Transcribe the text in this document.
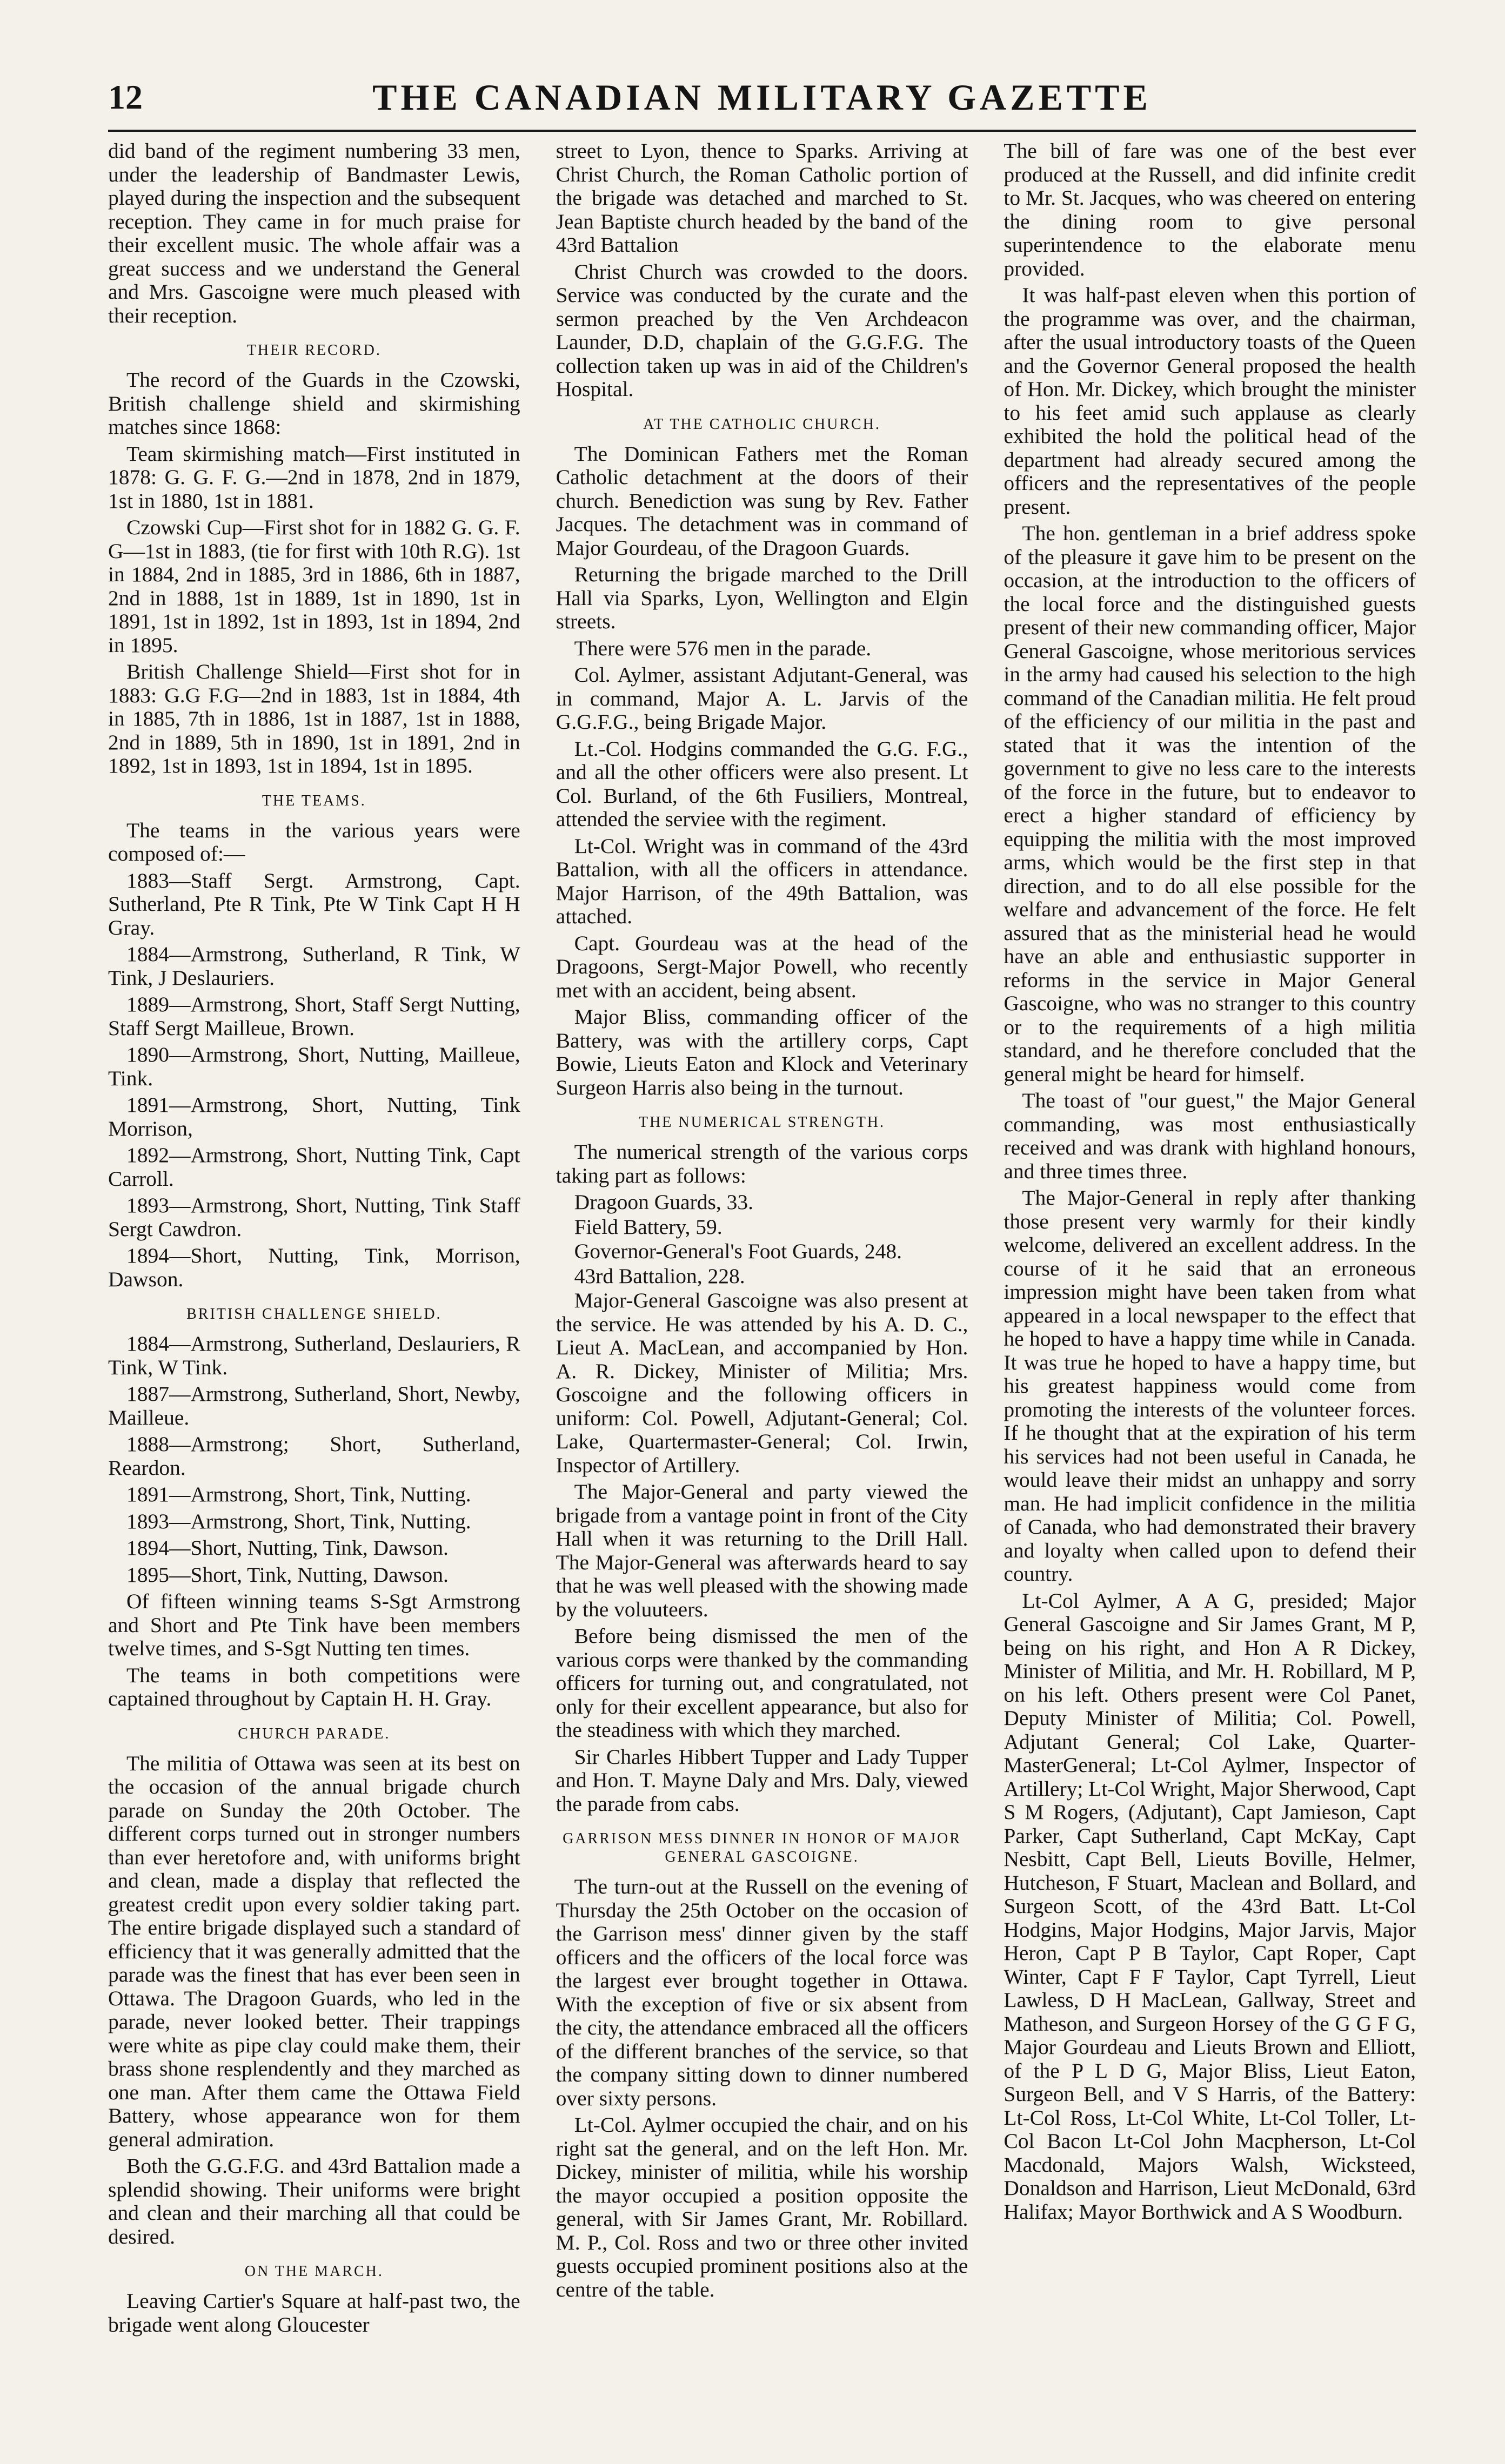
12	THE CANADIAN MILITARY GAZETTE

did band of the regiment numbering 33 men, under the leadership of Bandmaster Lewis, played during the inspection and the subsequent reception. They came in for much praise for their excellent music. The whole affair was a great success and we understand the General and Mrs. Gascoigne were much pleased with their reception.

THEIR RECORD.

The record of the Guards in the Czowski, British challenge shield and skirmishing matches since 1868:

Team skirmishing match—First instituted in 1878: G. G. F. G.—2nd in 1878, 2nd in 1879, 1st in 1880, 1st in 1881.

Czowski Cup—First shot for in 1882 G. G. F. G—1st in 1883, (tie for first with 10th R.G). 1st in 1884, 2nd in 1885, 3rd in 1886, 6th in 1887, 2nd in 1888, 1st in 1889, 1st in 1890, 1st in 1891, 1st in 1892, 1st in 1893, 1st in 1894, 2nd in 1895.

British Challenge Shield—First shot for in 1883: G.G F.G—2nd in 1883, 1st in 1884, 4th in 1885, 7th in 1886, 1st in 1887, 1st in 1888, 2nd in 1889, 5th in 1890, 1st in 1891, 2nd in 1892, 1st in 1893, 1st in 1894, 1st in 1895.

THE TEAMS.

The teams in the various years were composed of:—

1883—Staff Sergt. Armstrong, Capt. Sutherland, Pte R Tink, Pte W Tink Capt H H Gray.

1884—Armstrong, Sutherland, R Tink, W Tink, J Deslauriers.

1889—Armstrong, Short, Staff Sergt Nutting, Staff Sergt Mailleue, Brown.

1890—Armstrong, Short, Nutting, Mailleue, Tink.

1891—Armstrong, Short, Nutting, Tink Morrison,

1892—Armstrong, Short, Nutting Tink, Capt Carroll.

1893—Armstrong, Short, Nutting, Tink Staff Sergt Cawdron.

1894—Short, Nutting, Tink, Morrison, Dawson.

BRITISH CHALLENGE SHIELD.

1884—Armstrong, Sutherland, Deslauriers, R Tink, W Tink.

1887—Armstrong, Sutherland, Short, Newby, Mailleue.

1888—Armstrong; Short, Sutherland, Reardon.

1891—Armstrong, Short, Tink, Nutting.

1893—Armstrong, Short, Tink, Nutting.

1894—Short, Nutting, Tink, Dawson.

1895—Short, Tink, Nutting, Dawson.

Of fifteen winning teams S-Sgt Armstrong and Short and Pte Tink have been members twelve times, and S-Sgt Nutting ten times.

The teams in both competitions were captained throughout by Captain H. H. Gray.

CHURCH PARADE.

The militia of Ottawa was seen at its best on the occasion of the annual brigade church parade on Sunday the 20th October. The different corps turned out in stronger numbers than ever heretofore and, with uniforms bright and clean, made a display that reflected the greatest credit upon every soldier taking part. The entire brigade displayed such a standard of efficiency that it was generally admitted that the parade was the finest that has ever been seen in Ottawa. The Dragoon Guards, who led in the parade, never looked better. Their trappings were white as pipe clay could make them, their brass shone resplendently and they marched as one man. After them came the Ottawa Field Battery, whose appearance won for them general admiration.

Both the G.G.F.G. and 43rd Battalion made a splendid showing. Their uniforms were bright and clean and their marching all that could be desired.

ON THE MARCH.

Leaving Cartier's Square at half-past two, the brigade went along Gloucester

street to Lyon, thence to Sparks. Arriving at Christ Church, the Roman Catholic portion of the brigade was detached and marched to St. Jean Baptiste church headed by the band of the 43rd Battalion

Christ Church was crowded to the doors. Service was conducted by the curate and the sermon preached by the Ven Archdeacon Launder, D.D, chaplain of the G.G.F.G. The collection taken up was in aid of the Children's Hospital.

AT THE CATHOLIC CHURCH.

The Dominican Fathers met the Roman Catholic detachment at the doors of their church. Benediction was sung by Rev. Father Jacques. The detachment was in command of Major Gourdeau, of the Dragoon Guards.

Returning the brigade marched to the Drill Hall via Sparks, Lyon, Wellington and Elgin streets.

There were 576 men in the parade.

Col. Aylmer, assistant Adjutant-General, was in command, Major A. L. Jarvis of the G.G.F.G., being Brigade Major.

Lt.-Col. Hodgins commanded the G.G. F.G., and all the other officers were also present. Lt Col. Burland, of the 6th Fusiliers, Montreal, attended the serviee with the regiment.

Lt-Col. Wright was in command of the 43rd Battalion, with all the officers in attendance. Major Harrison, of the 49th Battalion, was attached.

Capt. Gourdeau was at the head of the Dragoons, Sergt-Major Powell, who recently met with an accident, being absent.

Major Bliss, commanding officer of the Battery, was with the artillery corps, Capt Bowie, Lieuts Eaton and Klock and Veterinary Surgeon Harris also being in the turnout.

THE NUMERICAL STRENGTH.

The numerical strength of the various corps taking part as follows:

Dragoon Guards, 33.

Field Battery, 59.

Governor-General's Foot Guards, 248.

43rd Battalion, 228.

Major-General Gascoigne was also present at the service. He was attended by his A. D. C., Lieut A. MacLean, and accompanied by Hon. A. R. Dickey, Minister of Militia; Mrs. Goscoigne and the following officers in uniform: Col. Powell, Adjutant-General; Col. Lake, Quartermaster-General; Col. Irwin, Inspector of Artillery.

The Major-General and party viewed the brigade from a vantage point in front of the City Hall when it was returning to the Drill Hall. The Major-General was afterwards heard to say that he was well pleased with the showing made by the voluuteers.

Before being dismissed the men of the various corps were thanked by the commanding officers for turning out, and congratulated, not only for their excellent appearance, but also for the steadiness with which they marched.

Sir Charles Hibbert Tupper and Lady Tupper and Hon. T. Mayne Daly and Mrs. Daly, viewed the parade from cabs.

GARRISON MESS DINNER IN HONOR OF MAJOR GENERAL GASCOIGNE.

The turn-out at the Russell on the evening of Thursday the 25th October on the occasion of the Garrison mess' dinner given by the staff officers and the officers of the local force was the largest ever brought together in Ottawa. With the exception of five or six absent from the city, the attendance embraced all the officers of the different branches of the service, so that the company sitting down to dinner numbered over sixty persons.

Lt-Col. Aylmer occupied the chair, and on his right sat the general, and on the left Hon. Mr. Dickey, minister of militia, while his worship the mayor occupied a position opposite the general, with Sir James Grant, Mr. Robillard. M. P., Col. Ross and two or three other invited guests occupied prominent positions also at the centre of the table.

The bill of fare was one of the best ever produced at the Russell, and did infinite credit to Mr. St. Jacques, who was cheered on entering the dining room to give personal superintendence to the elaborate menu provided.

It was half-past eleven when this portion of the programme was over, and the chairman, after the usual introductory toasts of the Queen and the Governor General proposed the health of Hon. Mr. Dickey, which brought the minister to his feet amid such applause as clearly exhibited the hold the political head of the department had already secured among the officers and the representatives of the people present.

The hon. gentleman in a brief address spoke of the pleasure it gave him to be present on the occasion, at the introduction to the officers of the local force and the distinguished guests present of their new commanding officer, Major General Gascoigne, whose meritorious services in the army had caused his selection to the high command of the Canadian militia. He felt proud of the efficiency of our militia in the past and stated that it was the intention of the government to give no less care to the interests of the force in the future, but to endeavor to erect a higher standard of efficiency by equipping the militia with the most improved arms, which would be the first step in that direction, and to do all else possible for the welfare and advancement of the force. He felt assured that as the ministerial head he would have an able and enthusiastic supporter in reforms in the service in Major General Gascoigne, who was no stranger to this country or to the requirements of a high militia standard, and he therefore concluded that the general might be heard for himself.

The toast of "our guest," the Major General commanding, was most enthusiastically received and was drank with highland honours, and three times three.

The Major-General in reply after thanking those present very warmly for their kindly welcome, delivered an excellent address. In the course of it he said that an erroneous impression might have been taken from what appeared in a local newspaper to the effect that he hoped to have a happy time while in Canada. It was true he hoped to have a happy time, but his greatest happiness would come from promoting the interests of the volunteer forces. If he thought that at the expiration of his term his services had not been useful in Canada, he would leave their midst an unhappy and sorry man. He had implicit confidence in the militia of Canada, who had demonstrated their bravery and loyalty when called upon to defend their country.

Lt-Col Aylmer, A A G, presided; Major General Gascoigne and Sir James Grant, M P, being on his right, and Hon A R Dickey, Minister of Militia, and Mr. H. Robillard, M P, on his left. Others present were Col Panet, Deputy Minister of Militia; Col. Powell, Adjutant General; Col Lake, Quarter-MasterGeneral; Lt-Col Aylmer, Inspector of Artillery; Lt-Col Wright, Major Sherwood, Capt S M Rogers, (Adjutant), Capt Jamieson, Capt Parker, Capt Sutherland, Capt McKay, Capt Nesbitt, Capt Bell, Lieuts Boville, Helmer, Hutcheson, F Stuart, Maclean and Bollard, and Surgeon Scott, of the 43rd Batt. Lt-Col Hodgins, Major Hodgins, Major Jarvis, Major Heron, Capt P B Taylor, Capt Roper, Capt Winter, Capt F F Taylor, Capt Tyrrell, Lieut Lawless, D H MacLean, Gallway, Street and Matheson, and Surgeon Horsey of the G G F G, Major Gourdeau and Lieuts Brown and Elliott, of the P L D G, Major Bliss, Lieut Eaton, Surgeon Bell, and V S Harris, of the Battery: Lt-Col Ross, Lt-Col White, Lt-Col Toller, Lt-Col Bacon Lt-Col John Macpherson, Lt-Col Macdonald, Majors Walsh, Wicksteed, Donaldson and Harrison, Lieut McDonald, 63rd Halifax; Mayor Borthwick and A S Woodburn.
